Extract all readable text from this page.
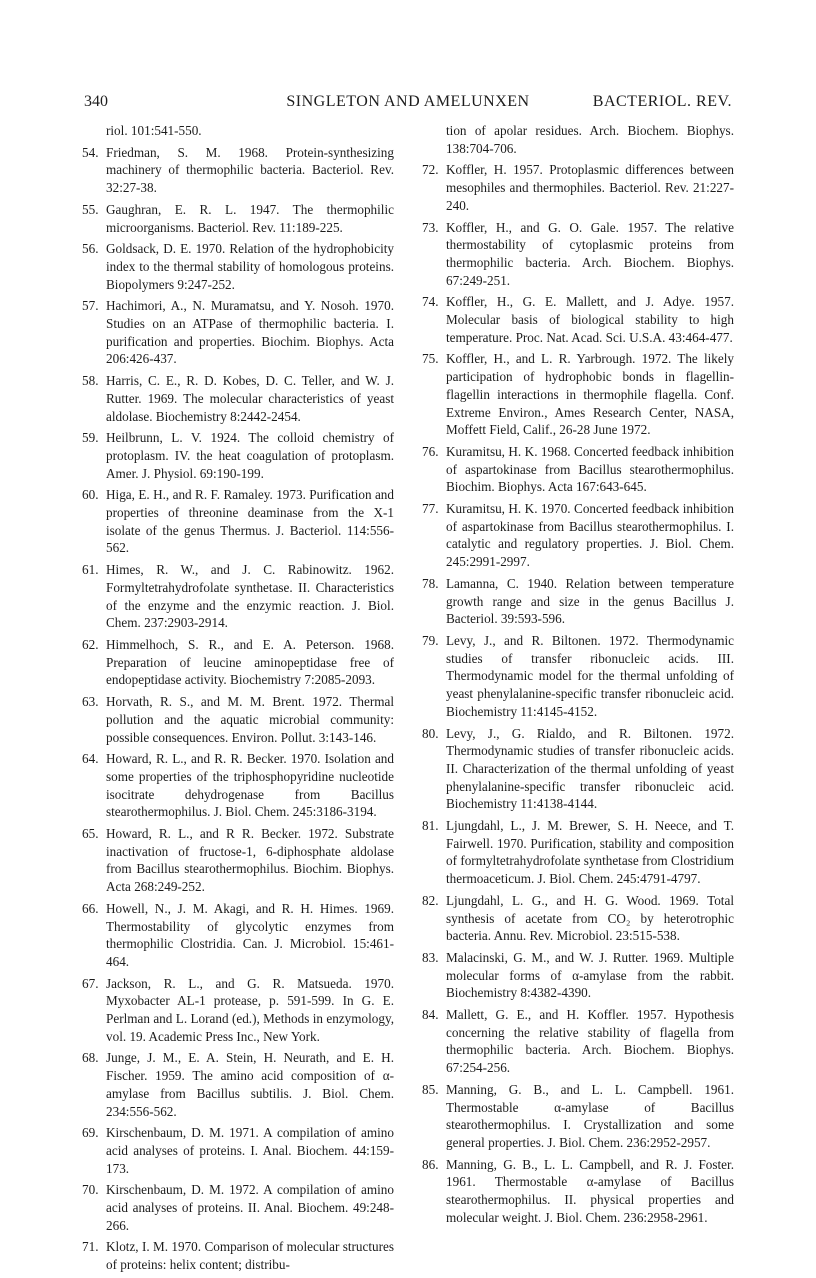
340	SINGLETON AND AMELUNXEN	BACTERIOL. REV.
riol. 101:541-550.
54. Friedman, S. M. 1968. Protein-synthesizing machinery of thermophilic bacteria. Bacteriol. Rev. 32:27-38.
55. Gaughran, E. R. L. 1947. The thermophilic microorganisms. Bacteriol. Rev. 11:189-225.
56. Goldsack, D. E. 1970. Relation of the hydrophobicity index to the thermal stability of homologous proteins. Biopolymers 9:247-252.
57. Hachimori, A., N. Muramatsu, and Y. Nosoh. 1970. Studies on an ATPase of thermophilic bacteria. I. purification and properties. Biochim. Biophys. Acta 206:426-437.
58. Harris, C. E., R. D. Kobes, D. C. Teller, and W. J. Rutter. 1969. The molecular characteristics of yeast aldolase. Biochemistry 8:2442-2454.
59. Heilbrunn, L. V. 1924. The colloid chemistry of protoplasm. IV. the heat coagulation of protoplasm. Amer. J. Physiol. 69:190-199.
60. Higa, E. H., and R. F. Ramaley. 1973. Purification and properties of threonine deaminase from the X-1 isolate of the genus Thermus. J. Bacteriol. 114:556-562.
61. Himes, R. W., and J. C. Rabinowitz. 1962. Formyltetrahydrofolate synthetase. II. Characteristics of the enzyme and the enzymic reaction. J. Biol. Chem. 237:2903-2914.
62. Himmelhoch, S. R., and E. A. Peterson. 1968. Preparation of leucine aminopeptidase free of endopeptidase activity. Biochemistry 7:2085-2093.
63. Horvath, R. S., and M. M. Brent. 1972. Thermal pollution and the aquatic microbial community: possible consequences. Environ. Pollut. 3:143-146.
64. Howard, R. L., and R. R. Becker. 1970. Isolation and some properties of the triphosphopyridine nucleotide isocitrate dehydrogenase from Bacillus stearothermophilus. J. Biol. Chem. 245:3186-3194.
65. Howard, R. L., and R R. Becker. 1972. Substrate inactivation of fructose-1, 6-diphosphate aldolase from Bacillus stearothermophilus. Biochim. Biophys. Acta 268:249-252.
66. Howell, N., J. M. Akagi, and R. H. Himes. 1969. Thermostability of glycolytic enzymes from thermophilic Clostridia. Can. J. Microbiol. 15:461-464.
67. Jackson, R. L., and G. R. Matsueda. 1970. Myxobacter AL-1 protease, p. 591-599. In G. E. Perlman and L. Lorand (ed.), Methods in enzymology, vol. 19. Academic Press Inc., New York.
68. Junge, J. M., E. A. Stein, H. Neurath, and E. H. Fischer. 1959. The amino acid composition of α-amylase from Bacillus subtilis. J. Biol. Chem. 234:556-562.
69. Kirschenbaum, D. M. 1971. A compilation of amino acid analyses of proteins. I. Anal. Biochem. 44:159-173.
70. Kirschenbaum, D. M. 1972. A compilation of amino acid analyses of proteins. II. Anal. Biochem. 49:248-266.
71. Klotz, I. M. 1970. Comparison of molecular structures of proteins: helix content; distribu-
tion of apolar residues. Arch. Biochem. Biophys. 138:704-706.
72. Koffler, H. 1957. Protoplasmic differences between mesophiles and thermophiles. Bacteriol. Rev. 21:227-240.
73. Koffler, H., and G. O. Gale. 1957. The relative thermostability of cytoplasmic proteins from thermophilic bacteria. Arch. Biochem. Biophys. 67:249-251.
74. Koffler, H., G. E. Mallett, and J. Adye. 1957. Molecular basis of biological stability to high temperature. Proc. Nat. Acad. Sci. U.S.A. 43:464-477.
75. Koffler, H., and L. R. Yarbrough. 1972. The likely participation of hydrophobic bonds in flagellin-flagellin interactions in thermophile flagella. Conf. Extreme Environ., Ames Research Center, NASA, Moffett Field, Calif., 26-28 June 1972.
76. Kuramitsu, H. K. 1968. Concerted feedback inhibition of aspartokinase from Bacillus stearothermophilus. Biochim. Biophys. Acta 167:643-645.
77. Kuramitsu, H. K. 1970. Concerted feedback inhibition of aspartokinase from Bacillus stearothermophilus. I. catalytic and regulatory properties. J. Biol. Chem. 245:2991-2997.
78. Lamanna, C. 1940. Relation between temperature growth range and size in the genus Bacillus J. Bacteriol. 39:593-596.
79. Levy, J., and R. Biltonen. 1972. Thermodynamic studies of transfer ribonucleic acids. III. Thermodynamic model for the thermal unfolding of yeast phenylalanine-specific transfer ribonucleic acid. Biochemistry 11:4145-4152.
80. Levy, J., G. Rialdo, and R. Biltonen. 1972. Thermodynamic studies of transfer ribonucleic acids. II. Characterization of the thermal unfolding of yeast phenylalanine-specific transfer ribonucleic acid. Biochemistry 11:4138-4144.
81. Ljungdahl, L., J. M. Brewer, S. H. Neece, and T. Fairwell. 1970. Purification, stability and composition of formyltetrahydrofolate synthetase from Clostridium thermoaceticum. J. Biol. Chem. 245:4791-4797.
82. Ljungdahl, L. G., and H. G. Wood. 1969. Total synthesis of acetate from CO₂ by heterotrophic bacteria. Annu. Rev. Microbiol. 23:515-538.
83. Malacinski, G. M., and W. J. Rutter. 1969. Multiple molecular forms of α-amylase from the rabbit. Biochemistry 8:4382-4390.
84. Mallett, G. E., and H. Koffler. 1957. Hypothesis concerning the relative stability of flagella from thermophilic bacteria. Arch. Biochem. Biophys. 67:254-256.
85. Manning, G. B., and L. L. Campbell. 1961. Thermostable α-amylase of Bacillus stearothermophilus. I. Crystallization and some general properties. J. Biol. Chem. 236:2952-2957.
86. Manning, G. B., L. L. Campbell, and R. J. Foster. 1961. Thermostable α-amylase of Bacillus stearothermophilus. II. physical properties and molecular weight. J. Biol. Chem. 236:2958-2961.
